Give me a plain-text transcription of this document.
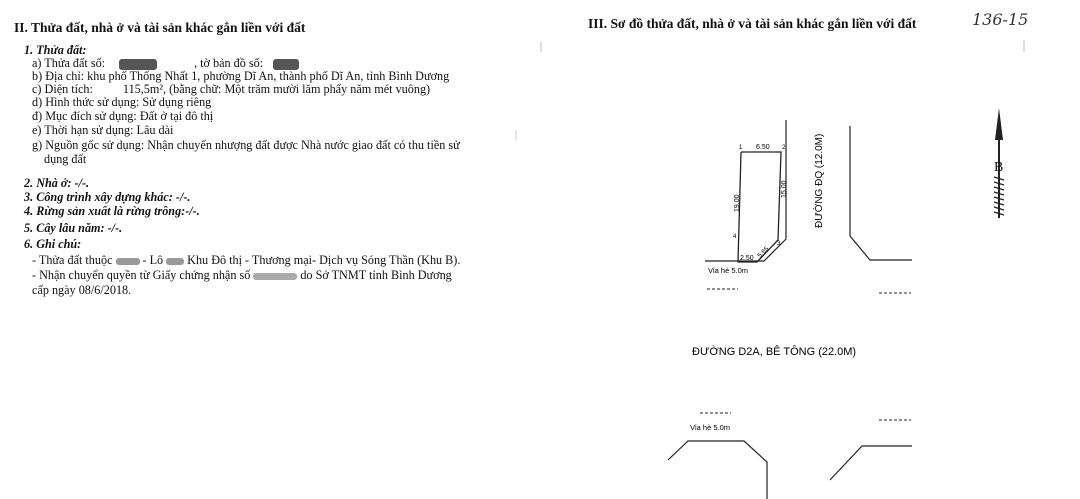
II. Thửa đất, nhà ở và tài sản khác gắn liền với đất
1. Thửa đất:
a) Thửa đất số:	, tờ bản đồ số:
b) Địa chỉ: khu phố Thống Nhất 1, phường Dĩ An, thành phố Dĩ An, tỉnh Bình Dương
c) Diện tích: 115,5m², (bằng chữ: Một trăm mười lăm phẩy năm mét vuông)
d) Hình thức sử dụng: Sử dụng riêng
đ) Mục đích sử dụng: Đất ở tại đô thị
e) Thời hạn sử dụng: Lâu dài
g) Nguồn gốc sử dụng: Nhận chuyển nhượng đất được Nhà nước giao đất có thu tiền sử
dụng đất
2. Nhà ở: -/-.
3. Công trình xây dựng khác: -/-.
4. Rừng sản xuất là rừng trồng:-/-.
5. Cây lâu năm: -/-.
6. Ghi chú:
- Thửa đất thuộc - Lô Khu Đô thị - Thương mại- Dịch vụ Sóng Thần (Khu B).
- Nhận chuyển quyền từ Giấy chứng nhận số	do Sở TNMT tỉnh Bình Dương
cấp ngày 08/6/2018.
III. Sơ đồ thửa đất, nhà ở và tài sản khác gắn liền với đất	136-15
1	2
3
4
6.50
19.00
15.00
2.50 5.65
ĐƯỜNG ĐQ (12.0M)
ĐƯỜNG D2A, BÊ TÔNG (22.0M)
Vỉa hè 5.0m
Vỉa hè 5.0m
B
